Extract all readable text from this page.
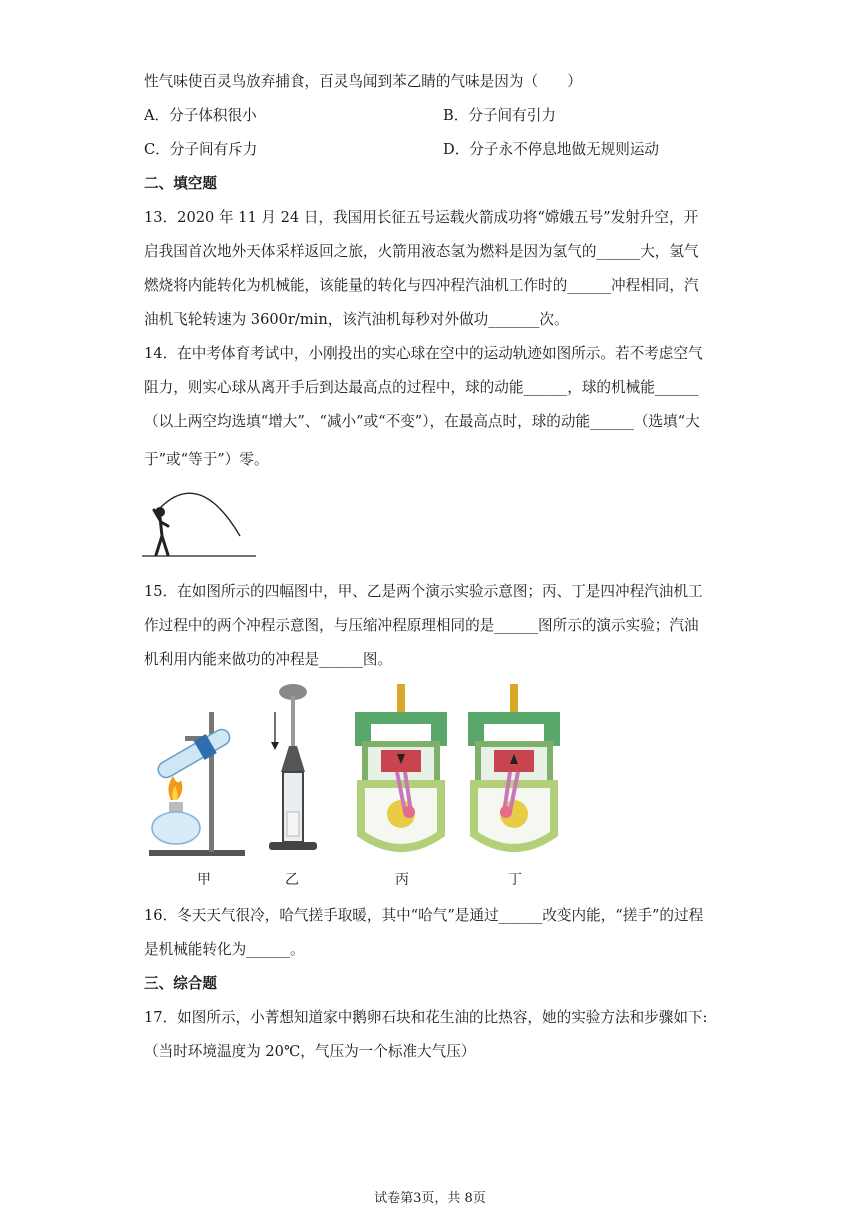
性气味使百灵鸟放弃捕食，百灵鸟闻到苯乙睛的气味是因为（　　）
A．分子体积很小	B．分子间有引力
C．分子间有斥力	D．分子永不停息地做无规则运动
二、填空题
13．2020 年 11 月 24 日，我国用长征五号运载火箭成功将“嫦娥五号”发射升空，开
启我国首次地外天体采样返回之旅，火箭用液态氢为燃料是因为氢气的______大，氢气
燃烧将内能转化为机械能，该能量的转化与四冲程汽油机工作时的______冲程相同，汽
油机飞轮转速为 3600r/min，该汽油机每秒对外做功_______次。
14．在中考体育考试中，小刚投出的实心球在空中的运动轨迹如图所示。若不考虑空气
阻力，则实心球从离开手后到达最高点的过程中，球的动能______，球的机械能______
（以上两空均选填“增大”、“减小”或“不变”），在最高点时，球的动能______（选填“大
于”或“等于”）零。
15．在如图所示的四幅图中，甲、乙是两个演示实验示意图；丙、丁是四冲程汽油机工
作过程中的两个冲程示意图，与压缩冲程原理相同的是______图所示的演示实验；汽油
机利用内能来做功的冲程是______图。
甲	乙	丙	丁
16．冬天天气很冷，哈气搓手取暖，其中“哈气”是通过______改变内能，“搓手”的过程
是机械能转化为______。
三、综合题
17．如图所示，小菁想知道家中鹅卵石块和花生油的比热容，她的实验方法和步骤如下:
（当时环境温度为 20℃，气压为一个标准大气压）
试卷第3页，共 8页
